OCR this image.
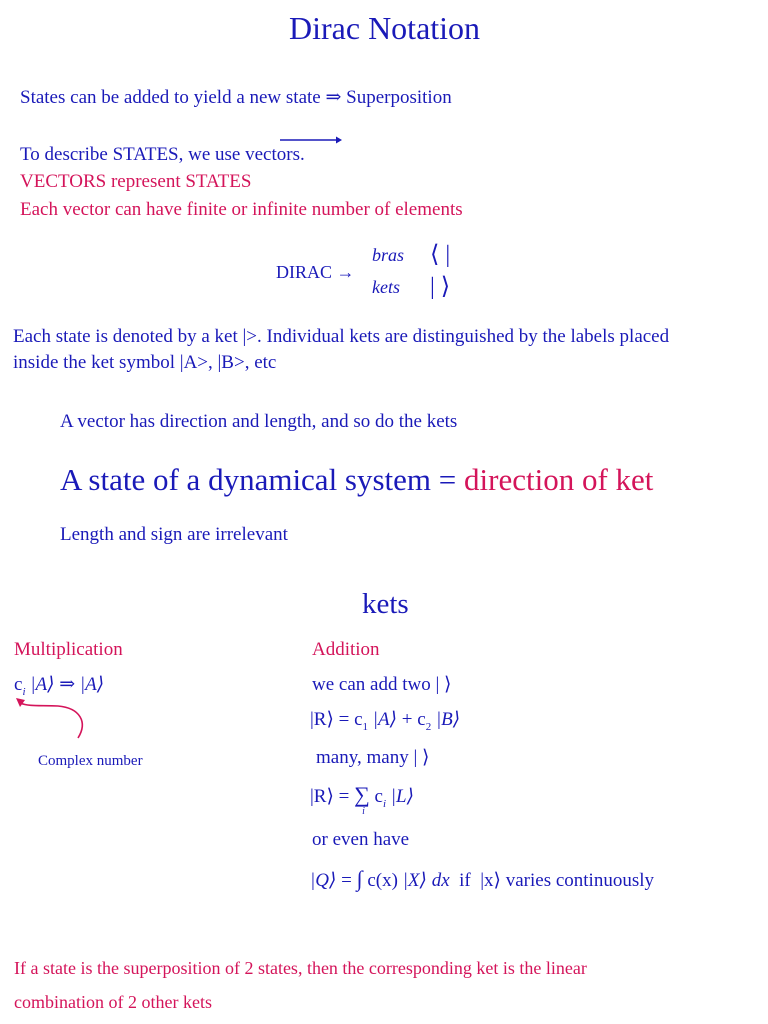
Dirac Notation
States can be added to yield a new state ⇒ Superposition
To describe STATES, we use vectors.
VECTORS represent STATES
Each vector can have finite or infinite number of elements
DIRAC →
bras ⟨ |
kets | ⟩
Each state is denoted by a ket |>. Individual kets are distinguished by the labels placed
inside the ket symbol |A>, |B>, etc
A vector has direction and length, and so do the kets
A state of a dynamical system = direction of ket
Length and sign are irrelevant
kets
Multiplication
$c_i$ |A⟩ ⇒ |A⟩
Complex number
Addition
we can add two | ⟩
|R⟩ = $c_1$ |A⟩ + $c_2$ |B⟩
many, many | ⟩
|R⟩ = ∑
i
$c_i$ |L⟩
or even have
|Q⟩ = ∫ c(x) |X⟩ dx if |x⟩ varies continuously
If a state is the superposition of 2 states, then the corresponding ket is the linear
combination of 2 other kets
